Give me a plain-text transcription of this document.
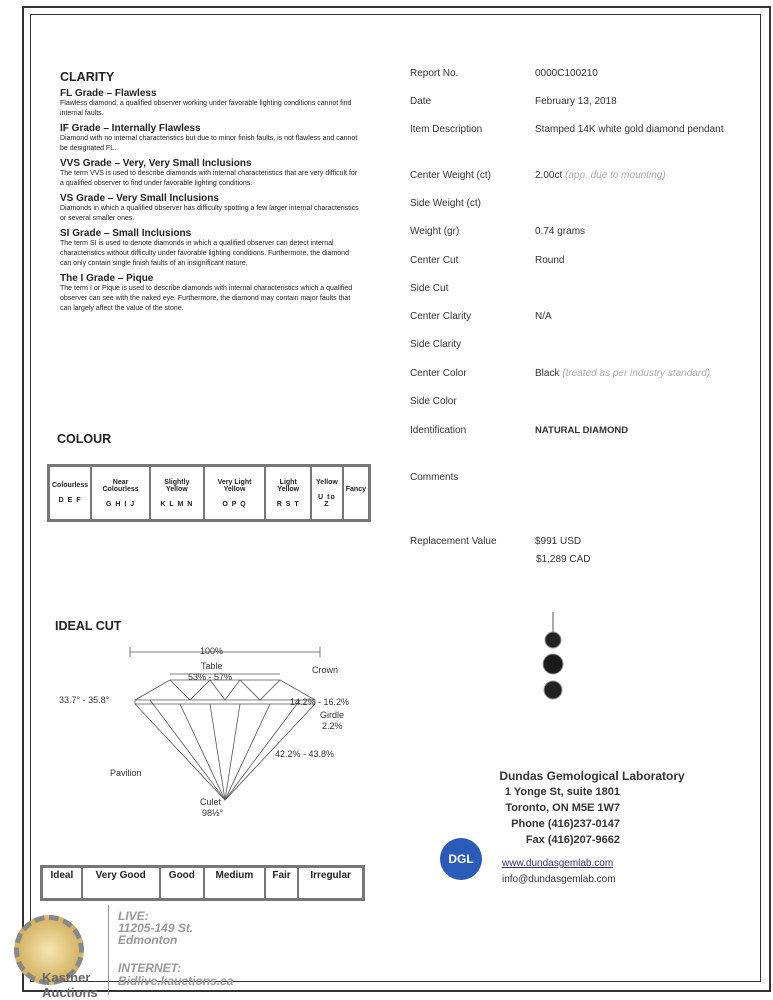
CLARITY
FL Grade – Flawless
Flawless diamond, a qualified observer working under favorable lighting conditions cannot find internal faults.
IF Grade – Internally Flawless
Diamond with no internal characteristics but due to minor finish faults, is not flawless and cannot be designated FL.
VVS Grade – Very, Very Small Inclusions
The term VVS is used to describe diamonds with internal characteristics that are very difficult for a qualified observer to find under favorable lighting conditions.
VS Grade – Very Small Inclusions
Diamonds in which a qualified observer has difficulty spotting a few larger internal characteristics or several smaller ones.
SI Grade – Small Inclusions
The term SI is used to denote diamonds in which a qualified observer can detect internal characteristics without difficulty under favorable lighting conditions. Furthermore, the diamond can only contain single finish faults of an insignificant nature.
The I Grade – Pique
The term I or Pique is used to describe diamonds with internal characteristics which a qualified observer can see with the naked eye. Furthermore, the diamond may contain major faults that can largely affect the value of the stone.
COLOUR
Colourless
D E F

Near Colourless
G H I J

Slightly Yellow
K L M N

Very Light Yellow
O P Q

Light Yellow
R S T

Yellow
U to Z

Fancy
IDEAL CUT
100%
Table
53% - 57%
Crown
33.7° - 35.8°	14.2% - 16.2%
Girdle
2.2%
42.2% - 43.8%
Pavilion
Culet
98½°
Ideal	Very Good	Good	Medium	Fair	Irregular
Report No.	0000C100210
Date	February 13, 2018
Item Description	Stamped 14K white gold diamond pendant
Center Weight (ct)	2.00ct (app. due to mounting)
Side Weight (ct)
Weight (gr)	0.74 grams
Center Cut	Round
Side Cut
Center Clarity	N/A
Side Clarity
Center Color	Black (treated as per industry standard)
Side Color
Identification	NATURAL DIAMOND
Comments
Replacement Value	$991 USD
$1,289 CAD
Dundas Gemological Laboratory
1 Yonge St, suite 1801
Toronto, ON M5E 1W7
Phone (416)237-0147
Fax (416)207-9662
www.dundasgemlab.com
info@dundasgemlab.com
DGL
Kastner Auctions
LIVE:
11205-149 St.
Edmonton
INTERNET:
Bidlive.kauctions.ca
